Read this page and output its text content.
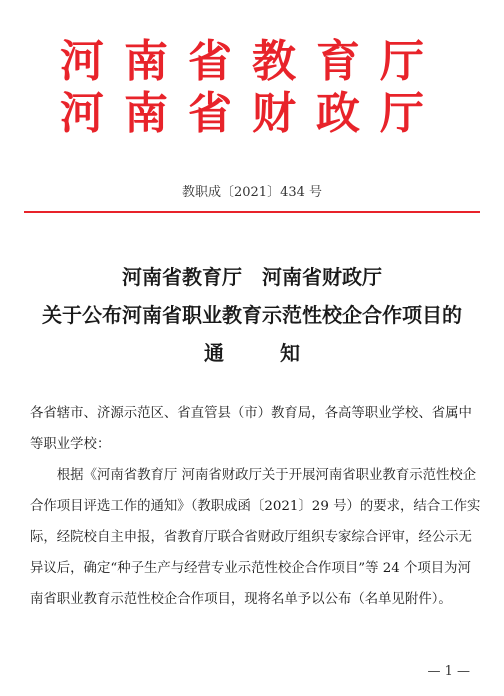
河南省教育厅
河南省财政厅
教职成〔2021〕434 号
河南省教育厅　河南省财政厅
关于公布河南省职业教育示范性校企合作项目的
通知

各省辖市、济源示范区、省直管县（市）教育局，各高等职业学校、省属中等职业学校：

根据《河南省教育厅 河南省财政厅关于开展河南省职业教育示范性校企合作项目评选工作的通知》（教职成函〔2021〕29 号）的要求，结合工作实际，经院校自主申报，省教育厅联合省财政厅组织专家综合评审，经公示无异议后，确定“种子生产与经营专业示范性校企合作项目”等 24 个项目为河南省职业教育示范性校企合作项目，现将名单予以公布（名单见附件）。

— 1 —
